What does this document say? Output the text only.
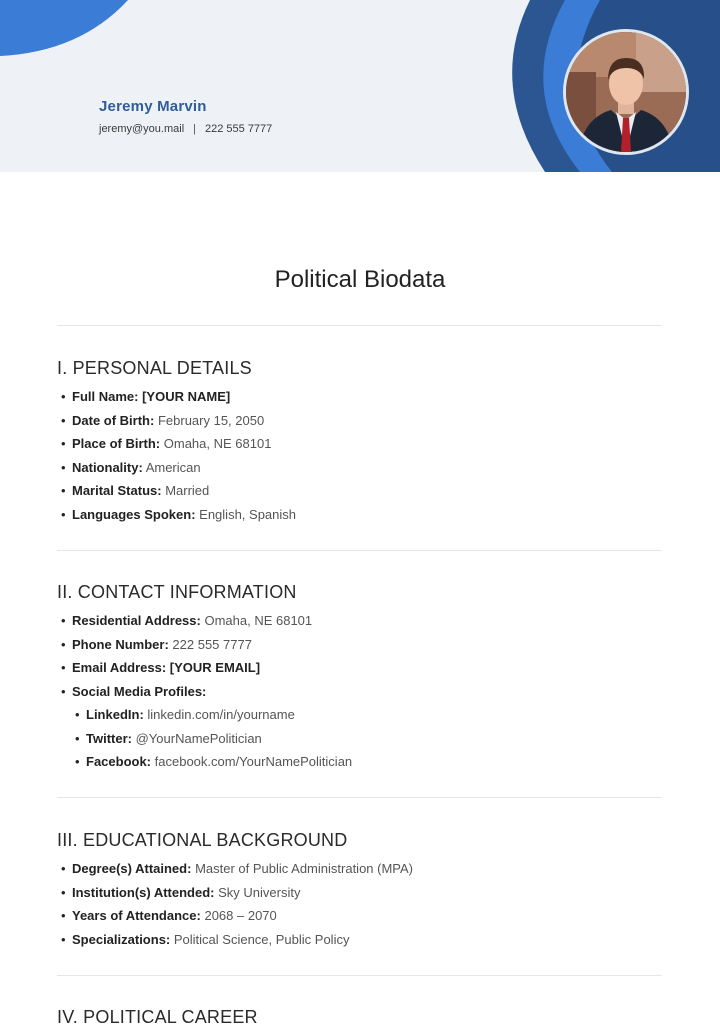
Jeremy Marvin
jeremy@you.mail | 222 555 7777
Political Biodata
I. PERSONAL DETAILS
• Full Name: [YOUR NAME]
• Date of Birth: February 15, 2050
• Place of Birth: Omaha, NE 68101
• Nationality: American
• Marital Status: Married
• Languages Spoken: English, Spanish
II. CONTACT INFORMATION
• Residential Address: Omaha, NE 68101
• Phone Number: 222 555 7777
• Email Address: [YOUR EMAIL]
• Social Media Profiles:
• LinkedIn: linkedin.com/in/yourname
• Twitter: @YourNamePolitician
• Facebook: facebook.com/YourNamePolitician
III. EDUCATIONAL BACKGROUND
• Degree(s) Attained: Master of Public Administration (MPA)
• Institution(s) Attended: Sky University
• Years of Attendance: 2068 – 2070
• Specializations: Political Science, Public Policy
IV. POLITICAL CAREER
